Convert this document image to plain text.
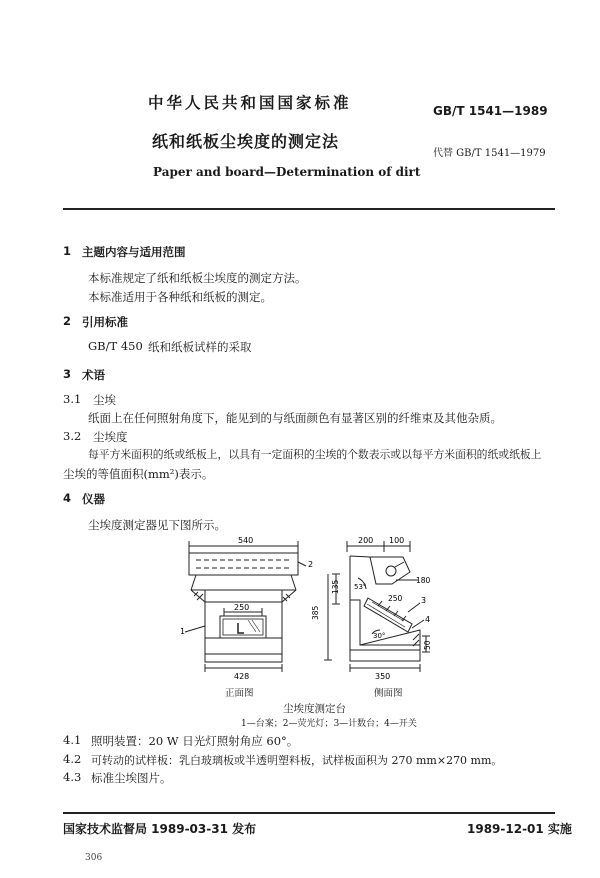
中华人民共和国国家标准	GB/T 1541—1989
纸和纸板尘埃度的测定法
代替 GB/T 1541—1979
Paper and board—Determination of dirt
1 主题内容与适用范围
本标准规定了纸和纸板尘埃度的测定方法。
本标准适用于各种纸和纸板的测定。
2 引用标准
GB/T 450 纸和纸板试样的采取
3 术语
3.1 尘埃
纸面上在任何照射角度下，能见到的与纸面颜色有显著区别的纤维束及其他杂质。
3.2 尘埃度
每平方米面积的纸或纸板上，以具有一定面积的尘埃的个数表示或以每平方米面积的纸或纸板上
尘埃的等值面积(mm²)表示。
4 仪器
尘埃度测定器见下图所示。
540
2
250
1
428
200 100
53°
180
135
385
250 3
4
30°
50
350
正面图	侧面图
尘埃度测定台
1—台案；2—荧光灯；3—计数台；4—开关
4.1 照明装置：20 W 日光灯照射角应 60°。
4.2 可转动的试样板：乳白玻璃板或半透明塑料板，试样板面积为 270 mm×270 mm。
4.3 标准尘埃图片。
国家技术监督局 1989-03-31 发布	1989-12-01 实施
306
